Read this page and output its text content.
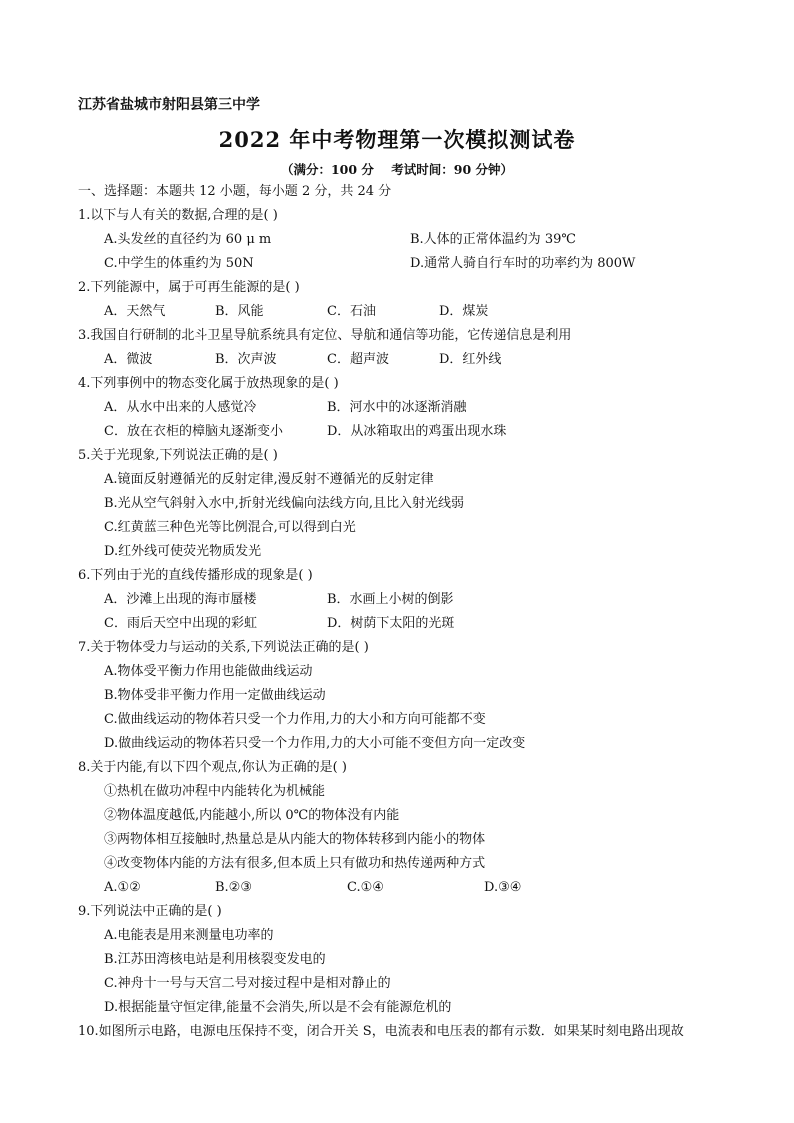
江苏省盐城市射阳县第三中学
2022 年中考物理第一次模拟测试卷
（满分：100 分    考试时间：90 分钟）
一、选择题：本题共 12 小题，每小题 2 分，共 24 分
1.以下与人有关的数据,合理的是( )
A.头发丝的直径约为 60 μ m	B.人体的正常体温约为 39℃
C.中学生的体重约为 50N	D.通常人骑自行车时的功率约为 800W
2.下列能源中，属于可再生能源的是( )
A．天然气	B．风能	C．石油	D．煤炭
3.我国自行研制的北斗卫星导航系统具有定位、导航和通信等功能，它传递信息是利用
A．微波	B．次声波	C．超声波	D．红外线
4.下列事例中的物态变化属于放热现象的是( )
A．从水中出来的人感觉冷	B．河水中的冰逐渐消融
C．放在衣柜的樟脑丸逐渐变小	D．从冰箱取出的鸡蛋出现水珠
5.关于光现象,下列说法正确的是( )
A.镜面反射遵循光的反射定律,漫反射不遵循光的反射定律
B.光从空气斜射入水中,折射光线偏向法线方向,且比入射光线弱
C.红黄蓝三种色光等比例混合,可以得到白光
D.红外线可使荧光物质发光
6.下列由于光的直线传播形成的现象是( )
A．沙滩上出现的海市蜃楼	B．水画上小树的倒影
C．雨后天空中出现的彩虹	D．树荫下太阳的光斑
7.关于物体受力与运动的关系,下列说法正确的是( )
A.物体受平衡力作用也能做曲线运动
B.物体受非平衡力作用一定做曲线运动
C.做曲线运动的物体若只受一个力作用,力的大小和方向可能都不变
D.做曲线运动的物体若只受一个力作用,力的大小可能不变但方向一定改变
8.关于内能,有以下四个观点,你认为正确的是( )
①热机在做功冲程中内能转化为机械能
②物体温度越低,内能越小,所以 0℃的物体没有内能
③两物体相互接触时,热量总是从内能大的物体转移到内能小的物体
④改变物体内能的方法有很多,但本质上只有做功和热传递两种方式
A.①②	B.②③	C.①④	D.③④
9.下列说法中正确的是( )
A.电能表是用来测量电功率的
B.江苏田湾核电站是利用核裂变发电的
C.神舟十一号与天宫二号对接过程中是相对静止的
D.根据能量守恒定律,能量不会消失,所以是不会有能源危机的
10.如图所示电路，电源电压保持不变，闭合开关 S，电流表和电压表的都有示数．如果某时刻电路出现故
